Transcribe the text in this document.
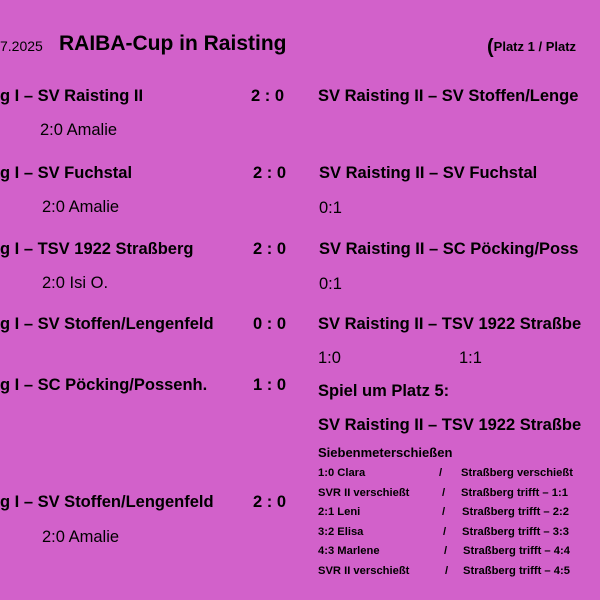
7.2025 RAIBA-Cup in Raisting	(Platz 1 / Platz
g I – SV Raisting II	2 : 0
2:0 Amalie
g I – SV Fuchstal	2 : 0
2:0 Amalie
g I – TSV 1922 Straßberg	2 : 0
2:0 Isi O.
g I – SV Stoffen/Lengenfeld 0 : 0
g I – SC Pöcking/Possenh.	1 : 0
g I – SV Stoffen/Lengenfeld 2 : 0
2:0 Amalie
SV Raisting II – SV Stoffen/Lenge
SV Raisting II – SV Fuchstal
0:1
SV Raisting II – SC Pöcking/Poss
0:1
SV Raisting II – TSV 1922 Straßbe
1:0	1:1
Spiel um Platz 5:
SV Raisting II – TSV 1922 Straßbe
Siebenmeterschießen
1:0 Clara	/ Straßberg verschießt
SVR II verschießt	/ Straßberg trifft – 1:1
2:1 Leni	/ Straßberg trifft – 2:2
3:2 Elisa	/ Straßberg trifft – 3:3
4:3 Marlene	/ Straßberg trifft – 4:4
SVR II verschießt	/ Straßberg trifft – 4:5
